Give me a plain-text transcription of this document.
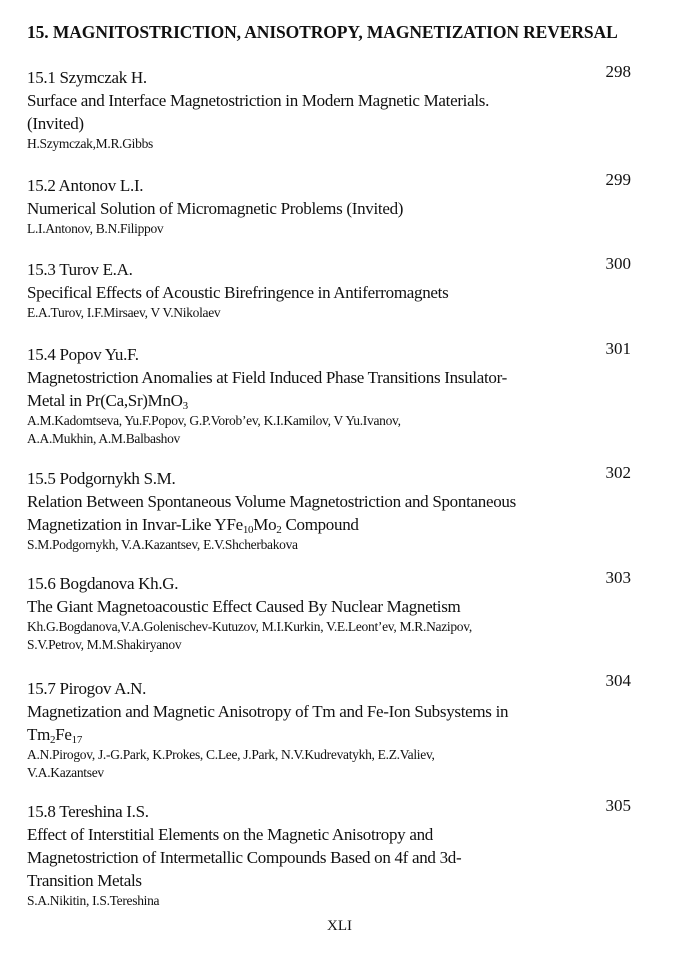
15. MAGNITOSTRICTION, ANISOTROPY, MAGNETIZATION REVERSAL
15.1 Szymczak H.	298
Surface and Interface Magnetostriction in Modern Magnetic Materials.
(Invited)
H.Szymczak,M.R.Gibbs
15.2 Antonov L.I.	299
Numerical Solution of Micromagnetic Problems (Invited)
L.I.Antonov, B.N.Filippov
15.3 Turov E.A.	300
Specifical Effects of Acoustic Birefringence in Antiferromagnets
E.A.Turov, I.F.Mirsaev, V V.Nikolaev
15.4 Popov Yu.F.	301
Magnetostriction Anomalies at Field Induced Phase Transitions Insulator-
Metal in Pr(Ca,Sr)MnO$_3$
A.M.Kadomtseva, Yu.F.Popov, G.P.Vorob’ev, K.I.Kamilov, V Yu.Ivanov,
A.A.Mukhin, A.M.Balbashov
15.5 Podgornykh S.M.	302
Relation Between Spontaneous Volume Magnetostriction and Spontaneous
Magnetization in Invar-Like $YFe_{10}Mo_2$ Compound
S.M.Podgornykh, V.A.Kazantsev, E.V.Shcherbakova
15.6 Bogdanova Kh.G.	303
The Giant Magnetoacoustic Effect Caused By Nuclear Magnetism
Kh.G.Bogdanova,V.A.Golenischev-Kutuzov, M.I.Kurkin, V.E.Leont’ev, M.R.Nazipov,
S.V.Petrov, M.M.Shakiryanov
15.7 Pirogov A.N.	304
Magnetization and Magnetic Anisotropy of Tm and Fe-Ion Subsystems in
$Tm_2Fe_{17}$
A.N.Pirogov, J.-G.Park, K.Prokes, C.Lee, J.Park, N.V.Kudrevatykh, E.Z.Valiev,
V.A.Kazantsev
15.8 Tereshina I.S.	305
Effect of Interstitial Elements on the Magnetic Anisotropy and
Magnetostriction of Intermetallic Compounds Based on 4f and 3d-
Transition Metals
S.A.Nikitin, I.S.Tereshina
XLI
